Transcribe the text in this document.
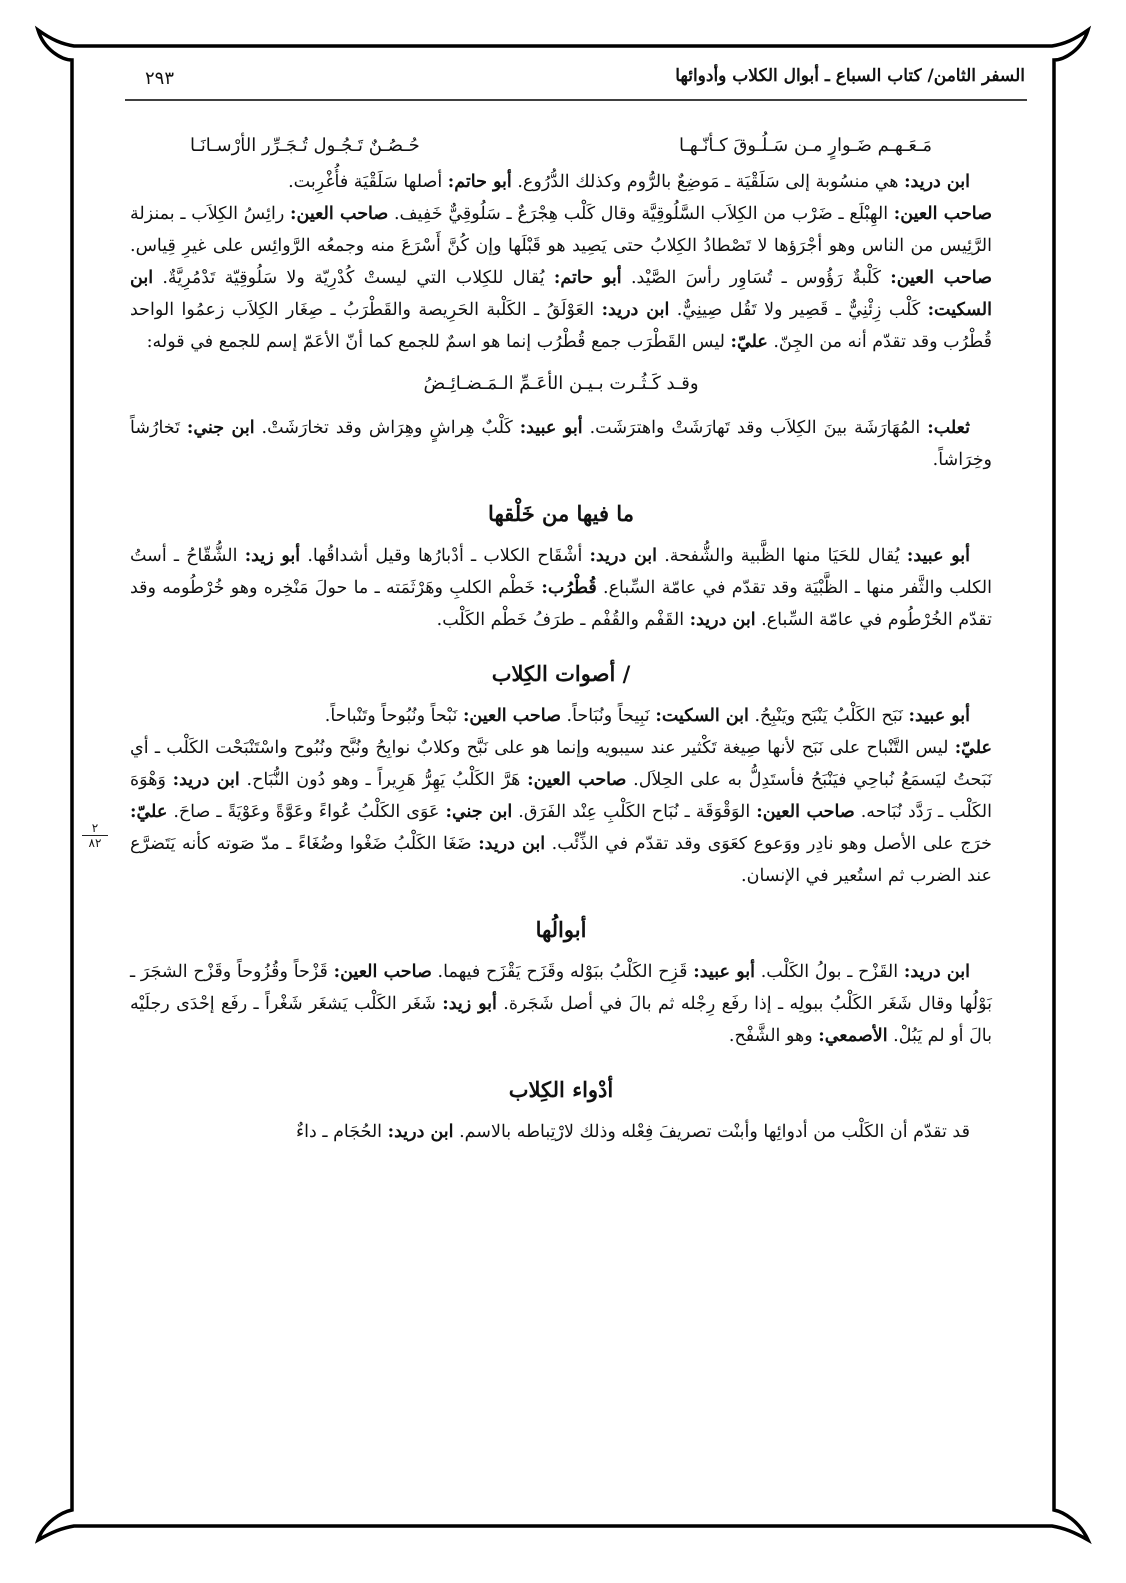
السفر الثامن/ كتاب السباع ـ أبوال الكلاب وأدوائها
٢٩٣
٢
٨٢
مَـعَـهـم ضَـوارٍ مـن سَـلُـوقَ كـأنّـهـا
حُـصُـنٌ تَـجُـول تُـجَـرِّر الأرْسـانَـا

ابن دريد: هي منسُوبة إلى سَلَقْيَة ـ مَوضِعٌ بالرُّوم وكذلك الدُّرُوع. أبو حاتم: أصلها سَلَقْيَة فأُغْرِبت.

صاحب العين: الهِبْلَع ـ ضَرْب من الكِلاَب السَّلُوقِيَّة وقال كَلْب هِجْرَعٌ ـ سَلُوقِيٌّ خَفِيف. صاحب العين: رائِسُ الكِلاَب ـ بمنزلة الرَّئِيس من الناس وهو أجْرَؤها لا تَصْطادُ الكِلابُ حتى يَصِيد هو قَبْلَها وإن كُنَّ أَسْرَعَ منه وجمعُه الرَّوائِس على غيرِ قِياس. صاحب العين: كَلْبةٌ رَؤُوس ـ تُسَاوِر رأسَ الصَّيْد. أبو حاتم: يُقال للكِلاب التي ليستْ كُدْرِيّة ولا سَلُوقِيّة تَدْمُرِيَّةٌ. ابن السكيت: كَلْب زِئْنِيٌّ ـ قَصِير ولا تَقُل صِينِيٌّ. ابن دريد: العَوْلَقُ ـ الكَلْبة الحَرِيصة والقَطْرَبُ ـ صِغَار الكِلاَب زعمُوا الواحد قُطْرُب وقد تقدّم أنه من الجِنّ. عليّ: ليس القَطْرَب جمع قُطْرُب إنما هو اسمٌ للجمع كما أنّ الأعَمّ إسم للجمع في قوله:

وقـد كَـثُـرت بـيـن الأعَـمِّ الـمَـضـائِـضُ

ثعلب: المُهَارَشَة بينَ الكِلاَب وقد تَهارَشَتْ واهترَشَت. أبو عبيد: كَلْبٌ هِراشٍ وهِرَاش وقد تخارَشَتْ. ابن جني: تَخارُشاً وخِرَاشاً.

ما فيها من خَلْقها

أبو عبيد: يُقال للحَيَا منها الظَّبية والشُّفحة. ابن دريد: أشْقَاح الكلاب ـ أدْبارُها وقيل أشداقُها. أبو زيد: الشُّقّاحُ ـ أستُ الكلب والثَّفر منها ـ الظَّبْيَة وقد تقدّم في عامّة السِّباع. قُطْرُب: خَطْم الكلبِ وهَرْثَمَته ـ ما حولَ مَنْخِره وهو خُرْطُومه وقد تقدّم الخُرْطُوم في عامّة السِّباع. ابن دريد: القَفْم والقُفْم ـ طرَفُ خَطْم الكَلْب.

/ أصوات الكِلاب

أبو عبيد: نَبَح الكَلْبُ يَنْبَح ويَنْبِحُ. ابن السكيت: نَبِيحاً ونُبَاحاً. صاحب العين: نَبْحاً ونُبُوحاً وتَنْباحاً.

عليّ: ليس التَّنْباح على نَبَح لأنها صِيغة تَكْثير عند سيبويه وإنما هو على نَبَّح وكلابٌ نوابِحُ ونُبَّح ونُبُوح واسْتَنْبَحْت الكَلْب ـ أي نَبَحتُ ليَسمَعُ نُباحِي فيَنْبَحُ فأستَدِلُّ به على الحِلاَل. صاحب العين: هَرَّ الكَلْبُ يَهِرُّ هَرِيراً ـ وهو دُون النُّبَاح. ابن دريد: وَهْوَهَ الكَلْب ـ رَدَّد نُبَاحه. صاحب العين: الوَقْوَقَة ـ نُبَاح الكَلْبِ عِنْد الفَرَق. ابن جني: عَوَى الكَلْبُ عُواءً وعَوَّةً وعَوْيَةً ـ صاحَ. عليّ: خرَج على الأصل وهو نادِر ووَعوع كعَوَى وقد تقدّم في الذِّئْب. ابن دريد: ضَغَا الكَلْبُ ضَغْوا وضُغَاءً ـ مدّ صَوته كأنه يَتَضرَّع عند الضرب ثم استُعير في الإنسان.

أبوالُها

ابن دريد: القَزْح ـ بولُ الكَلْب. أبو عبيد: قَزِح الكَلْبُ ببَوْله وقَزَح يَقْزَح فيهما. صاحب العين: قَزْحاً وقُزُوحاً وقَزْح الشجَرَ ـ بَوْلُها وقال شَغَر الكَلْبُ ببولِه ـ إذا رفَع رِجْله ثم بالَ في أصل شَجَرة. أبو زيد: شَغَر الكَلْب يَشغَر شَغْراً ـ رفَع إحْدَى رجلَيْه بالَ أو لم يَبُلْ. الأصمعي: وهو الشَّفْح.

أدْواء الكِلاب

قد تقدّم أن الكَلْب من أدوائِها وأبنْت تصريفَ فِعْله وذلك لارْتِباطه بالاسم. ابن دريد: الحُجَام ـ داءٌ
